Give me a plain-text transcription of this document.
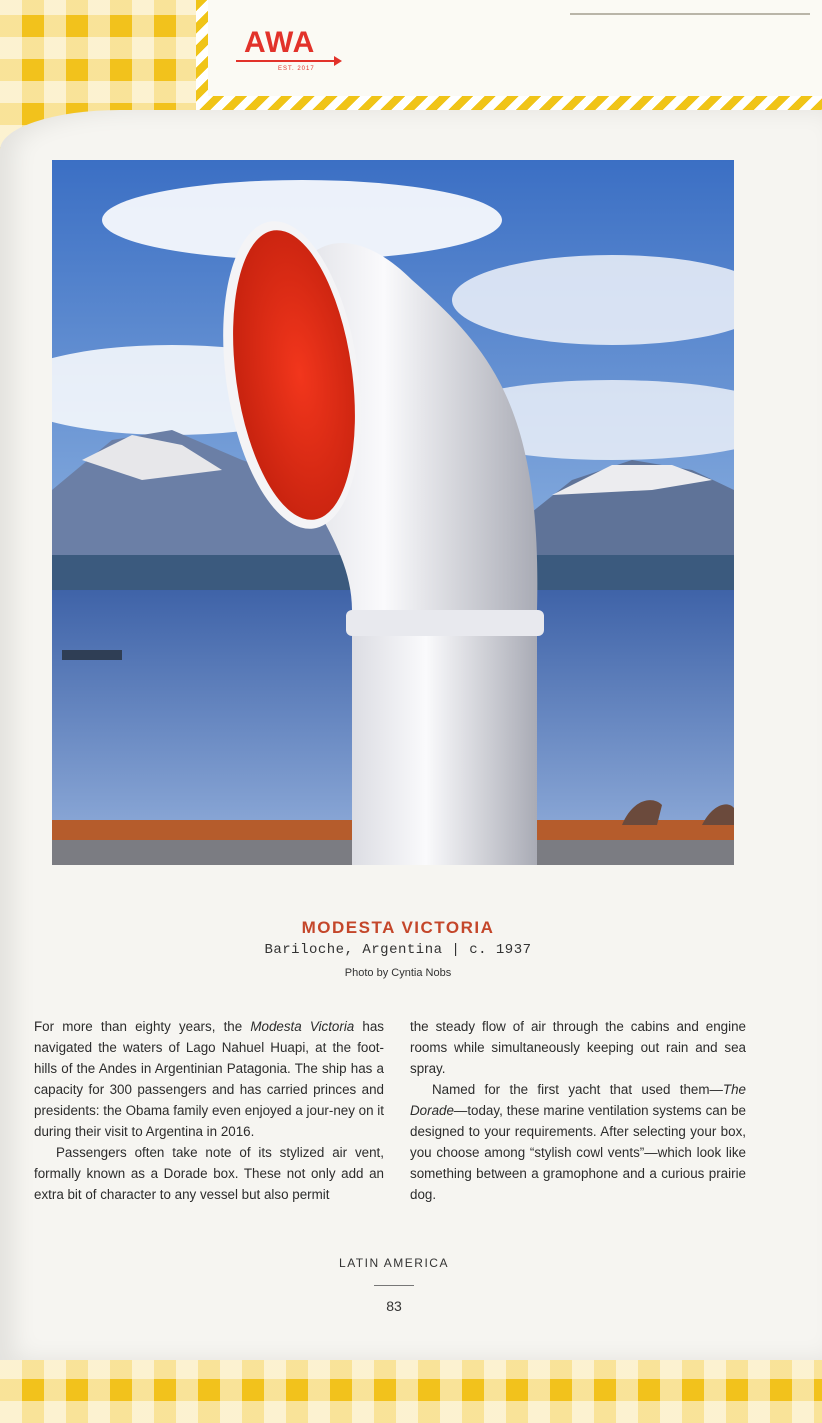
AWA
EST. 2017
MODESTA VICTORIA
Bariloche, Argentina | c. 1937
Photo by Cyntia Nobs

For more than eighty years, the Modesta Victoria has navigated the waters of Lago Nahuel Huapi, at the foot-hills of the Andes in Argentinian Patagonia. The ship has a capacity for 300 passengers and has carried princes and presidents: the Obama family even enjoyed a jour-ney on it during their visit to Argentina in 2016.

Passengers often take note of its stylized air vent, formally known as a Dorade box. These not only add an extra bit of character to any vessel but also permit

the steady flow of air through the cabins and engine rooms while simultaneously keeping out rain and sea spray.

Named for the first yacht that used them—The Dorade—today, these marine ventilation systems can be designed to your requirements. After selecting your box, you choose among “stylish cowl vents”—which look like something between a gramophone and a curious prairie dog.

LATIN AMERICA
83
